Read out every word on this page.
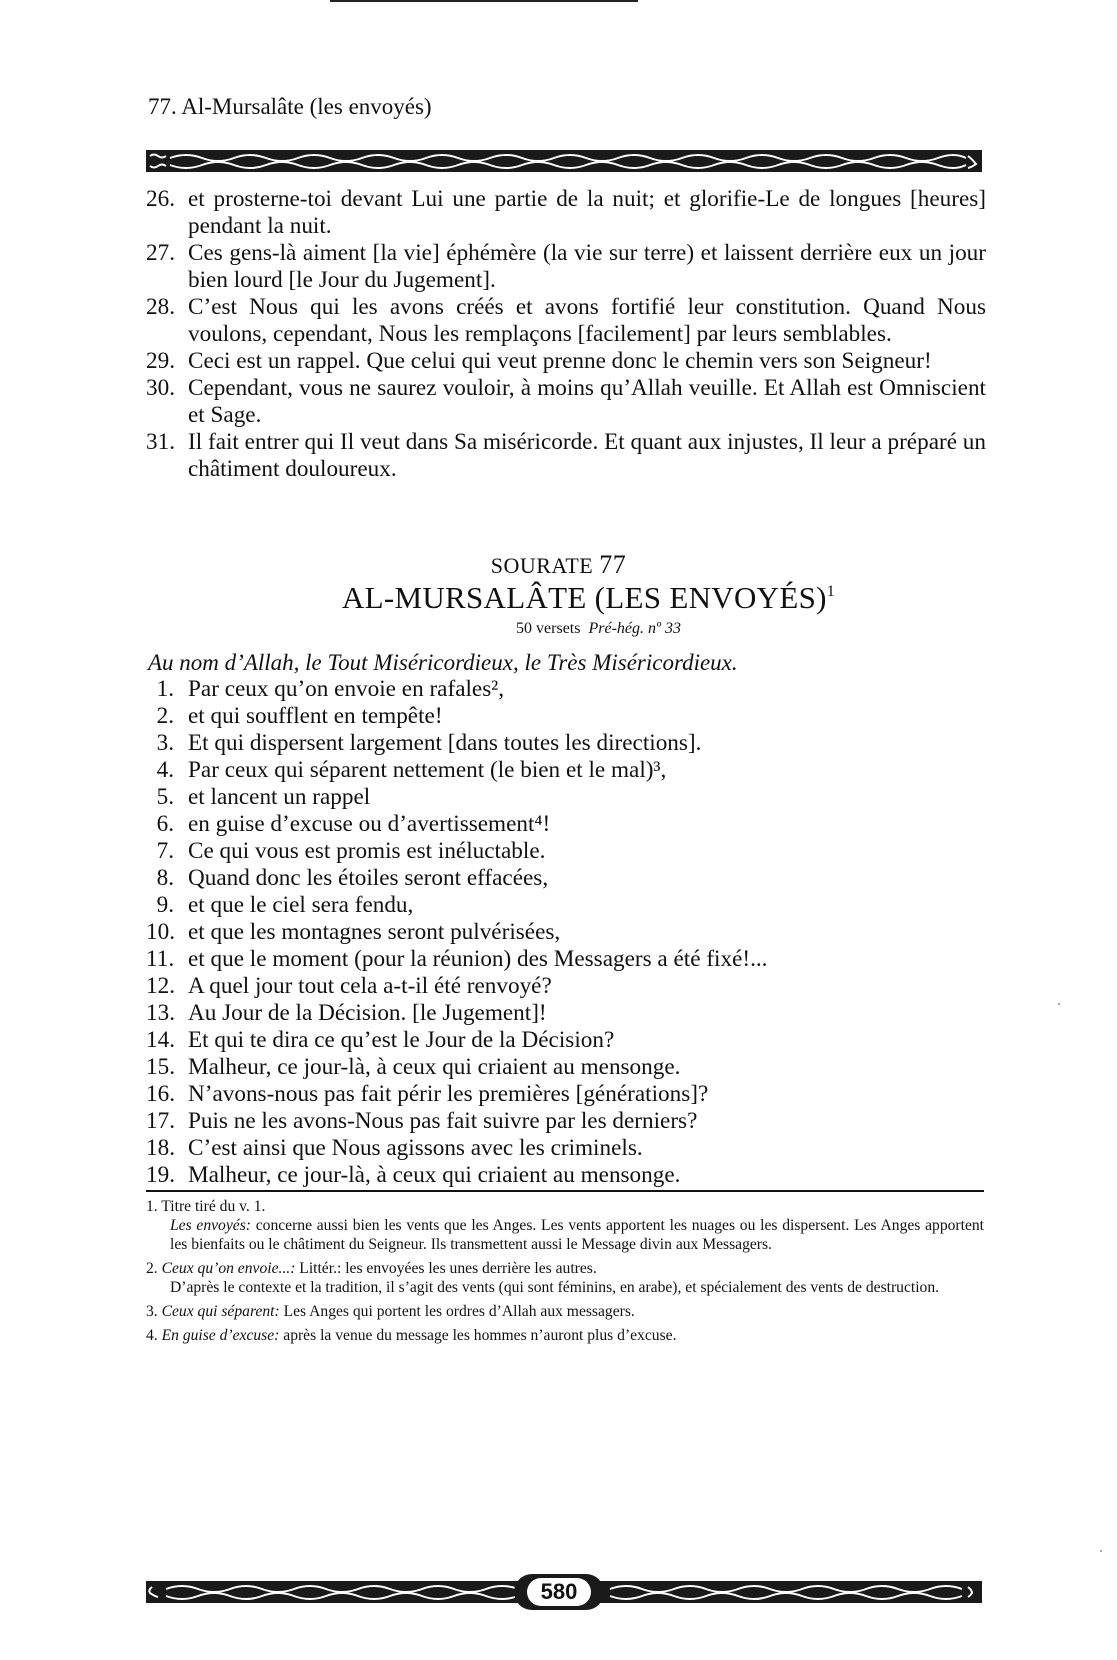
77. Al-Mursalâte (les envoyés)
26. et prosterne-toi devant Lui une partie de la nuit; et glorifie-Le de longues [heures] pendant la nuit.
27. Ces gens-là aiment [la vie] éphémère (la vie sur terre) et laissent derrière eux un jour bien lourd [le Jour du Jugement].
28. C’est Nous qui les avons créés et avons fortifié leur constitution. Quand Nous voulons, cependant, Nous les remplaçons [facilement] par leurs semblables.
29. Ceci est un rappel. Que celui qui veut prenne donc le chemin vers son Seigneur!
30. Cependant, vous ne saurez vouloir, à moins qu’Allah veuille. Et Allah est Omniscient et Sage.
31. Il fait entrer qui Il veut dans Sa miséricorde. Et quant aux injustes, Il leur a préparé un châtiment douloureux.
SOURATE 77
AL-MURSALÂTE (LES ENVOYÉS)$^1$
50 versets Pré-hég. nº 33
Au nom d’Allah, le Tout Miséricordieux, le Très Miséricordieux.
1. Par ceux qu’on envoie en rafales²,
2. et qui soufflent en tempête!
3. Et qui dispersent largement [dans toutes les directions].
4. Par ceux qui séparent nettement (le bien et le mal)³,
5. et lancent un rappel
6. en guise d’excuse ou d’avertissement⁴!
7. Ce qui vous est promis est inéluctable.
8. Quand donc les étoiles seront effacées,
9. et que le ciel sera fendu,
10. et que les montagnes seront pulvérisées,
11. et que le moment (pour la réunion) des Messagers a été fixé!...
12. A quel jour tout cela a-t-il été renvoyé?
13. Au Jour de la Décision. [le Jugement]!
14. Et qui te dira ce qu’est le Jour de la Décision?
15. Malheur, ce jour-là, à ceux qui criaient au mensonge.
16. N’avons-nous pas fait périr les premières [générations]?
17. Puis ne les avons-Nous pas fait suivre par les derniers?
18. C’est ainsi que Nous agissons avec les criminels.
19. Malheur, ce jour-là, à ceux qui criaient au mensonge.
1. Titre tiré du v. 1.
Les envoyés: concerne aussi bien les vents que les Anges. Les vents apportent les nuages ou les dispersent. Les Anges apportent les bienfaits ou le châtiment du Seigneur. Ils transmettent aussi le Message divin aux Messagers.
2. Ceux qu’on envoie...: Littér.: les envoyées les unes derrière les autres.
D’après le contexte et la tradition, il s’agit des vents (qui sont féminins, en arabe), et spécialement des vents de destruction.
3. Ceux qui séparent: Les Anges qui portent les ordres d’Allah aux messagers.
4. En guise d’excuse: après la venue du message les hommes n’auront plus d’excuse.
580
